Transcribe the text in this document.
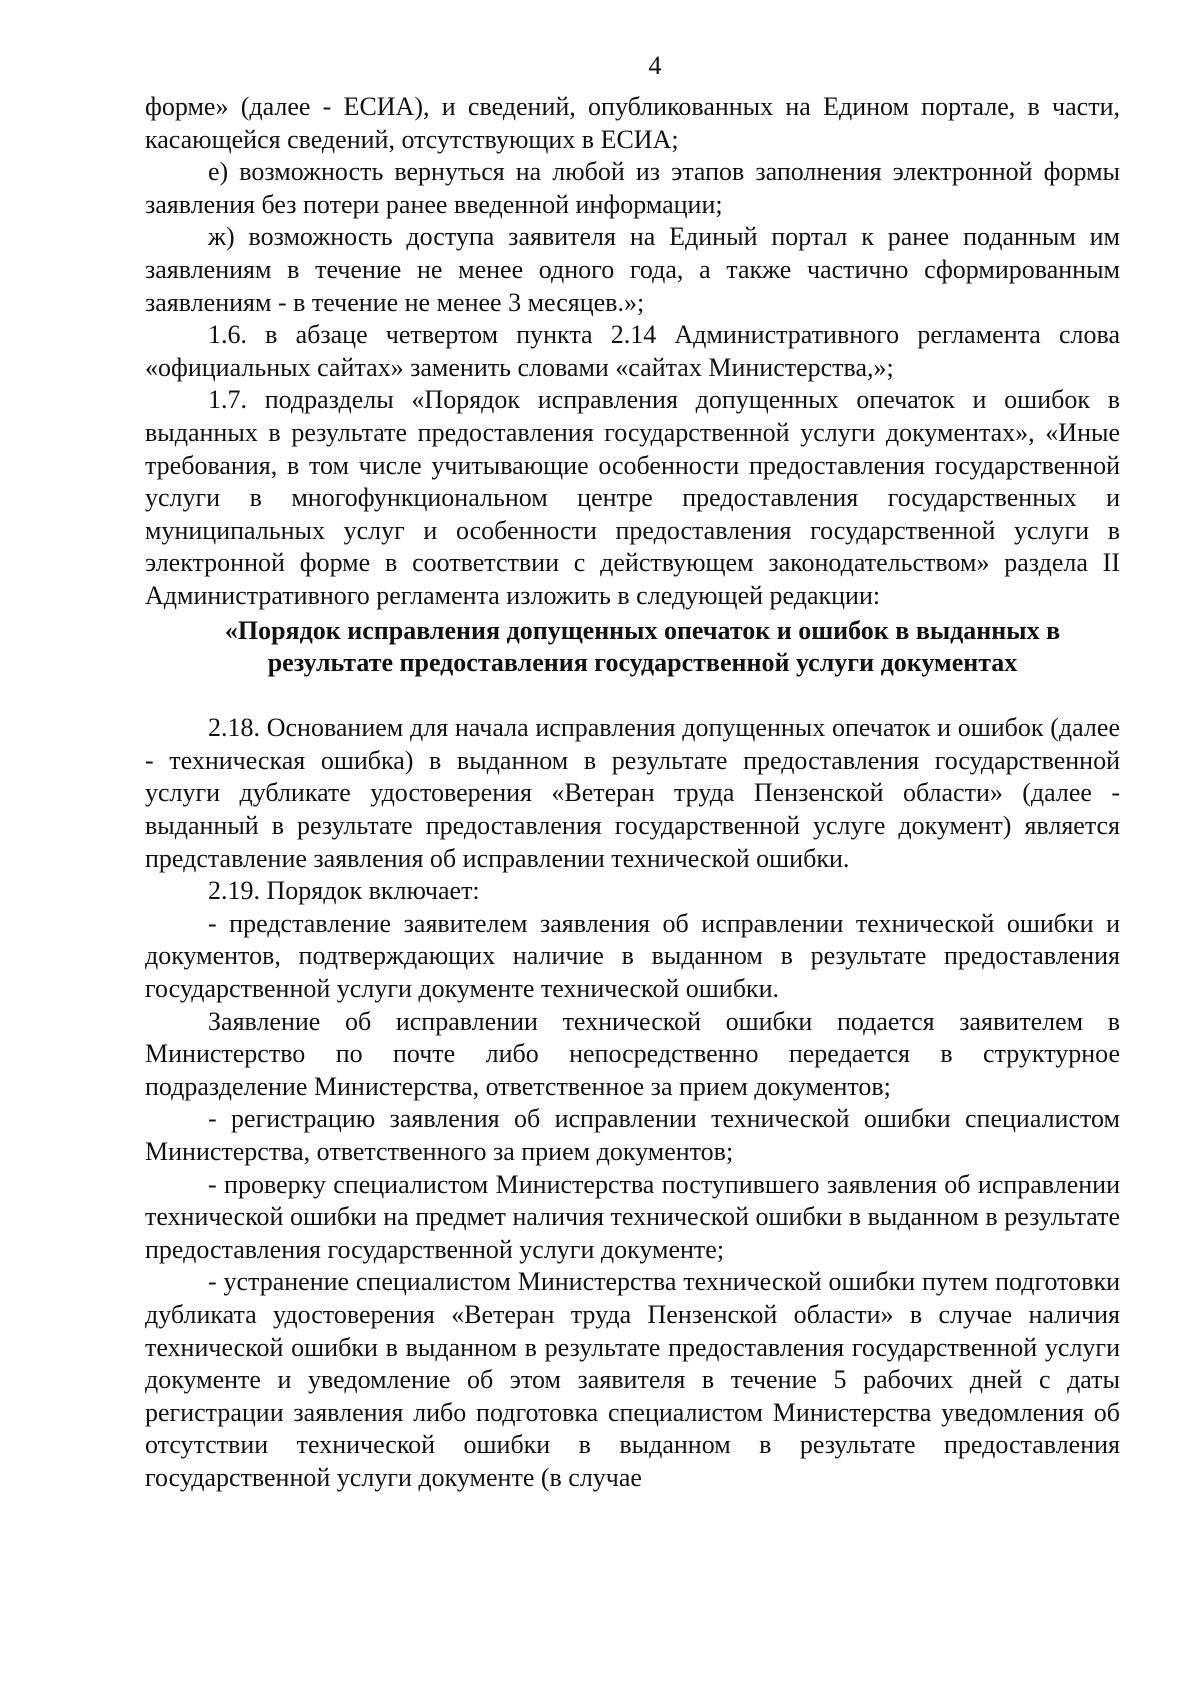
4

форме» (далее - ЕСИА), и сведений, опубликованных на Едином портале, в части, касающейся сведений, отсутствующих в ЕСИА;

е) возможность вернуться на любой из этапов заполнения электронной формы заявления без потери ранее введенной информации;

ж) возможность доступа заявителя на Единый портал к ранее поданным им заявлениям в течение не менее одного года, а также частично сформированным заявлениям - в течение не менее 3 месяцев.»;

1.6. в абзаце четвертом пункта 2.14 Административного регламента слова «официальных сайтах» заменить словами «сайтах Министерства,»;

1.7. подразделы «Порядок исправления допущенных опечаток и ошибок в выданных в результате предоставления государственной услуги документах», «Иные требования, в том числе учитывающие особенности предоставления государственной услуги в многофункциональном центре предоставления государственных и муниципальных услуг и особенности предоставления государственной услуги в электронной форме в соответствии с действующем законодательством» раздела II Административного регламента изложить в следующей редакции:

«Порядок исправления допущенных опечаток и ошибок в выданных в результате предоставления государственной услуги документах

2.18. Основанием для начала исправления допущенных опечаток и ошибок (далее - техническая ошибка) в выданном в результате предоставления государственной услуги дубликате удостоверения «Ветеран труда Пензенской области» (далее - выданный в результате предоставления государственной услуге документ) является представление заявления об исправлении технической ошибки.

2.19. Порядок включает:

- представление заявителем заявления об исправлении технической ошибки и документов, подтверждающих наличие в выданном в результате предоставления государственной услуги документе технической ошибки.

Заявление об исправлении технической ошибки подается заявителем в Министерство по почте либо непосредственно передается в структурное подразделение Министерства, ответственное за прием документов;

- регистрацию заявления об исправлении технической ошибки специалистом Министерства, ответственного за прием документов;

- проверку специалистом Министерства поступившего заявления об исправлении технической ошибки на предмет наличия технической ошибки в выданном в результате предоставления государственной услуги документе;

- устранение специалистом Министерства технической ошибки путем подготовки дубликата удостоверения «Ветеран труда Пензенской области» в случае наличия технической ошибки в выданном в результате предоставления государственной услуги документе и уведомление об этом заявителя в течение 5 рабочих дней с даты регистрации заявления либо подготовка специалистом Министерства уведомления об отсутствии технической ошибки в выданном в результате предоставления государственной услуги документе (в случае
